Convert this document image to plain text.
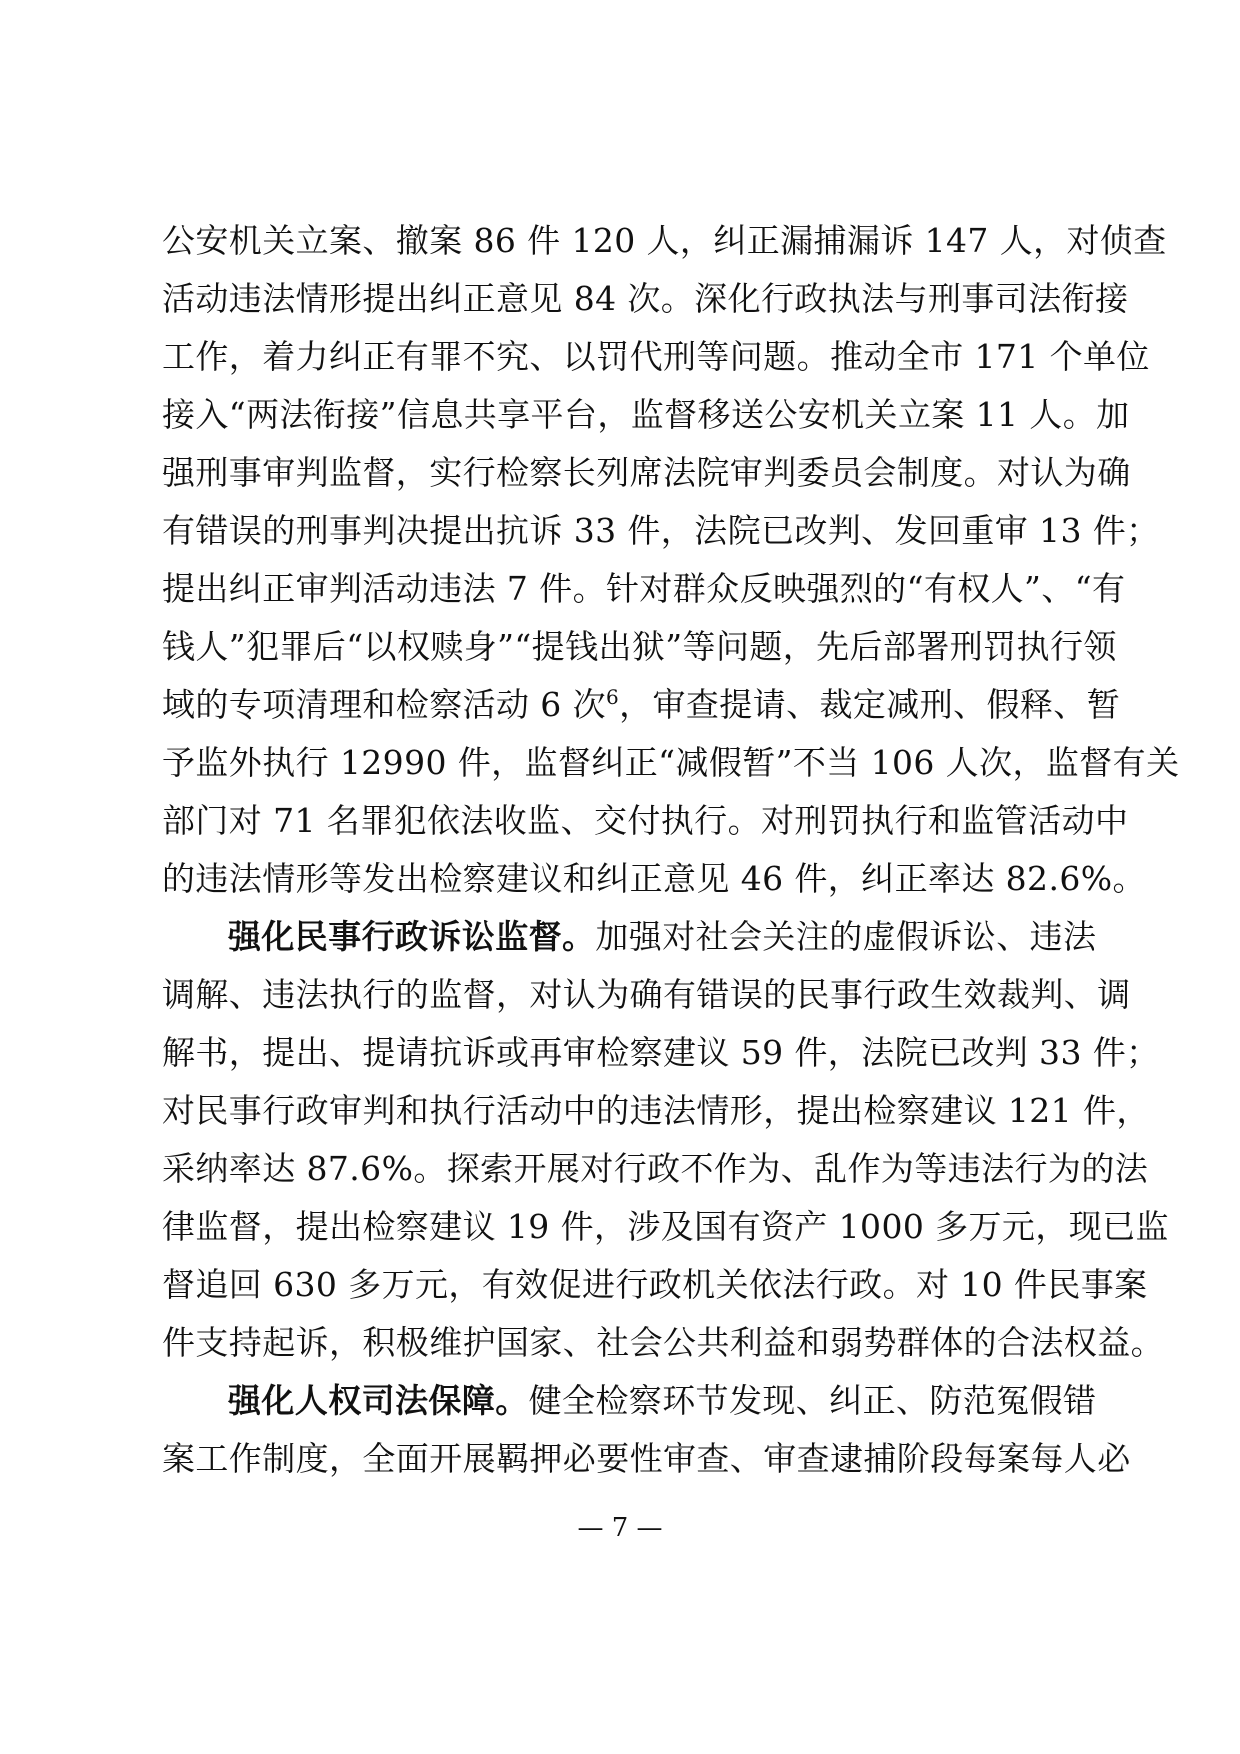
公安机关立案、撤案 86 件 120 人，纠正漏捕漏诉 147 人，对侦查
活动违法情形提出纠正意见 84 次。深化行政执法与刑事司法衔接
工作，着力纠正有罪不究、以罚代刑等问题。推动全市 171 个单位
接入“两法衔接”信息共享平台，监督移送公安机关立案 11 人。加
强刑事审判监督，实行检察长列席法院审判委员会制度。对认为确
有错误的刑事判决提出抗诉 33 件，法院已改判、发回重审 13 件；
提出纠正审判活动违法 7 件。针对群众反映强烈的“有权人”、“有
钱人”犯罪后“以权赎身”“提钱出狱”等问题，先后部署刑罚执行领
域的专项清理和检察活动 6 次$^6$，审查提请、裁定减刑、假释、暂
予监外执行 12990 件，监督纠正“减假暂”不当 106 人次，监督有关
部门对 71 名罪犯依法收监、交付执行。对刑罚执行和监管活动中
的违法情形等发出检察建议和纠正意见 46 件，纠正率达 82.6%。
强化民事行政诉讼监督。加强对社会关注的虚假诉讼、违法
调解、违法执行的监督，对认为确有错误的民事行政生效裁判、调
解书，提出、提请抗诉或再审检察建议 59 件，法院已改判 33 件；
对民事行政审判和执行活动中的违法情形，提出检察建议 121 件，
采纳率达 87.6%。探索开展对行政不作为、乱作为等违法行为的法
律监督，提出检察建议 19 件，涉及国有资产 1000 多万元，现已监
督追回 630 多万元，有效促进行政机关依法行政。对 10 件民事案
件支持起诉，积极维护国家、社会公共利益和弱势群体的合法权益。
强化人权司法保障。健全检察环节发现、纠正、防范冤假错
案工作制度，全面开展羁押必要性审查、审查逮捕阶段每案每人必
— 7 —
